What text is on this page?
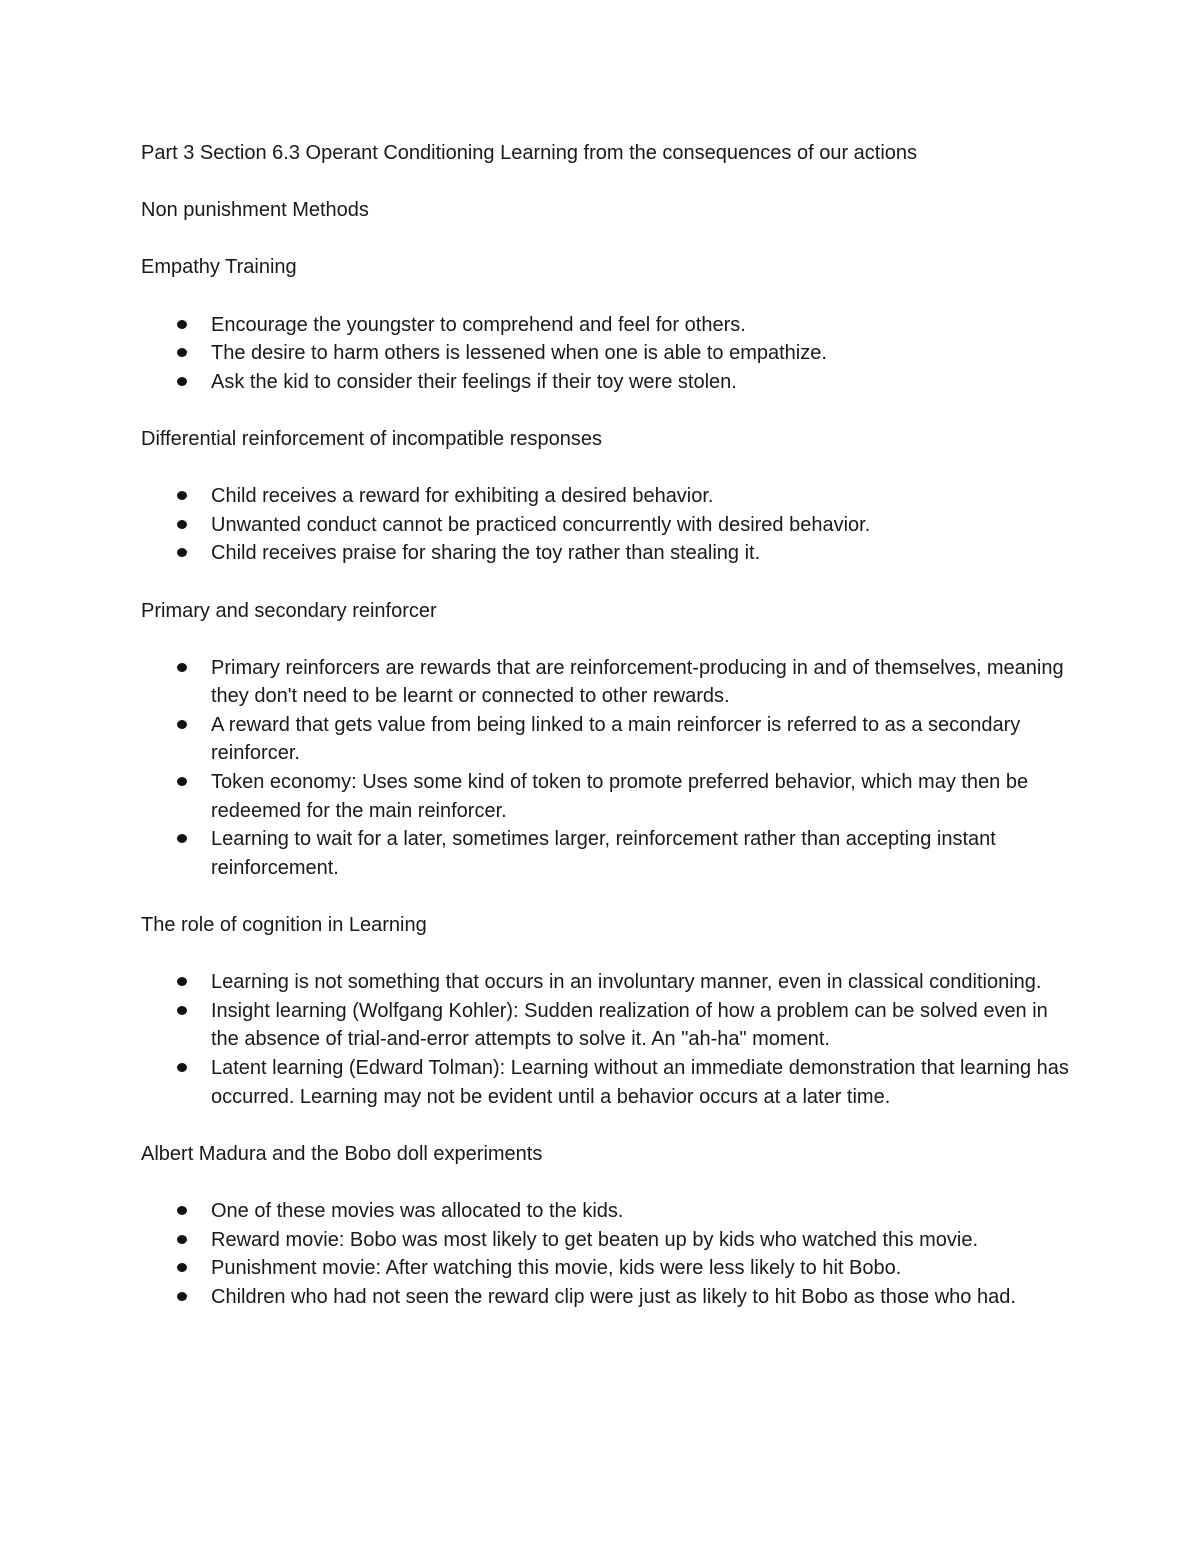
Part 3 Section 6.3 Operant Conditioning Learning from the consequences of our actions

Non punishment Methods

Empathy Training

Encourage the youngster to comprehend and feel for others.
The desire to harm others is lessened when one is able to empathize.
Ask the kid to consider their feelings if their toy were stolen.

Differential reinforcement of incompatible responses

Child receives a reward for exhibiting a desired behavior.
Unwanted conduct cannot be practiced concurrently with desired behavior.
Child receives praise for sharing the toy rather than stealing it.

Primary and secondary reinforcer

Primary reinforcers are rewards that are reinforcement-producing in and of themselves, meaning they don't need to be learnt or connected to other rewards.
A reward that gets value from being linked to a main reinforcer is referred to as a secondary reinforcer.
Token economy: Uses some kind of token to promote preferred behavior, which may then be redeemed for the main reinforcer.
Learning to wait for a later, sometimes larger, reinforcement rather than accepting instant reinforcement.

The role of cognition in Learning

Learning is not something that occurs in an involuntary manner, even in classical conditioning.
Insight learning (Wolfgang Kohler): Sudden realization of how a problem can be solved even in the absence of trial-and-error attempts to solve it. An "ah-ha" moment.
Latent learning (Edward Tolman): Learning without an immediate demonstration that learning has occurred. Learning may not be evident until a behavior occurs at a later time.

Albert Madura and the Bobo doll experiments

One of these movies was allocated to the kids.
Reward movie: Bobo was most likely to get beaten up by kids who watched this movie.
Punishment movie: After watching this movie, kids were less likely to hit Bobo.
Children who had not seen the reward clip were just as likely to hit Bobo as those who had.
